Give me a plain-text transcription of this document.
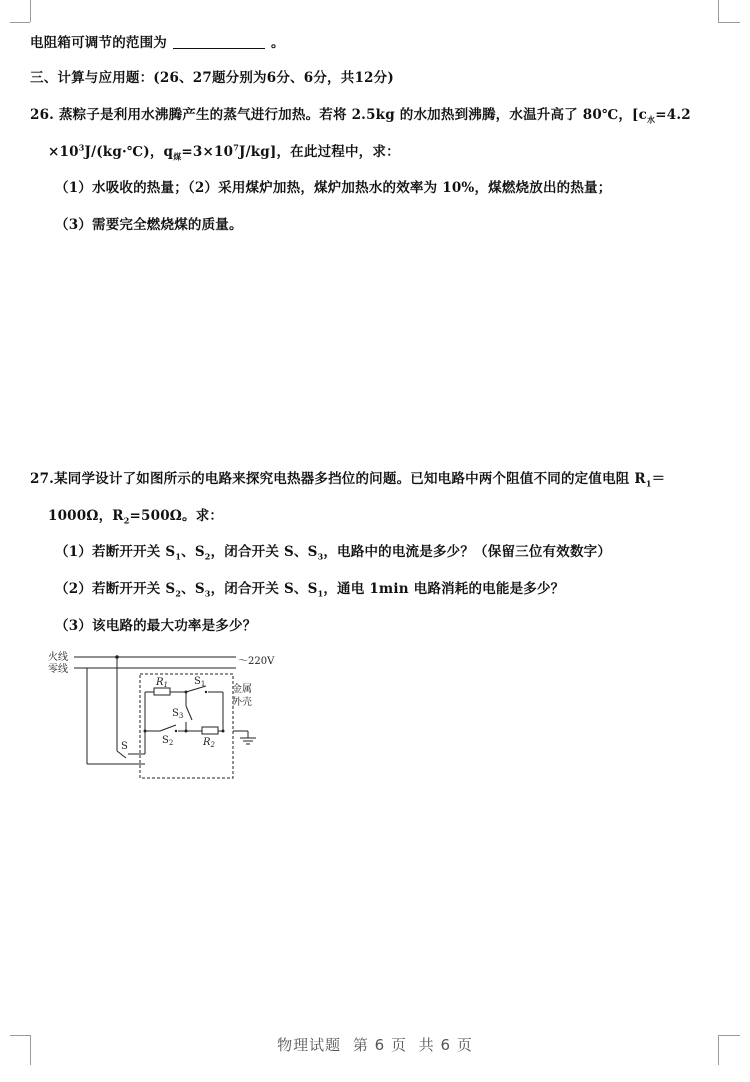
电阻箱可调节的范围为	。
三、计算与应用题：(26、27题分别为6分、6分，共12分)
26. 蒸粽子是利用水沸腾产生的蒸气进行加热。若将 2.5kg 的水加热到沸腾，水温升高了 80℃，[$c_水=4.2$
$\times 10^3J/(kg\cdot℃)$，$q_煤=3\times 10^7J/kg$]，在此过程中，求：
（1）水吸收的热量；（2）采用煤炉加热，煤炉加热水的效率为 10%，煤燃烧放出的热量；
（3）需要完全燃烧煤的质量。
27.某同学设计了如图所示的电路来探究电热器多挡位的问题。已知电路中两个阻值不同的定值电阻 $R_1=$
1000Ω，$R_2=500\Omega$。求：
（1）若断开开关 $S_1$、$S_2$，闭合开关 S、$S_3$，电路中的电流是多少？（保留三位有效数字）
（2）若断开开关 $S_2$、$S_3$，闭合开关 S、$S_1$，通电 1min 电路消耗的电能是多少？
（3）该电路的最大功率是多少？
火线
零线
～220V
$R_1$	$S_1$
$S_3$
$S_2$	$R_2$
S
金属
外壳
物理试题 第 6 页 共 6 页
